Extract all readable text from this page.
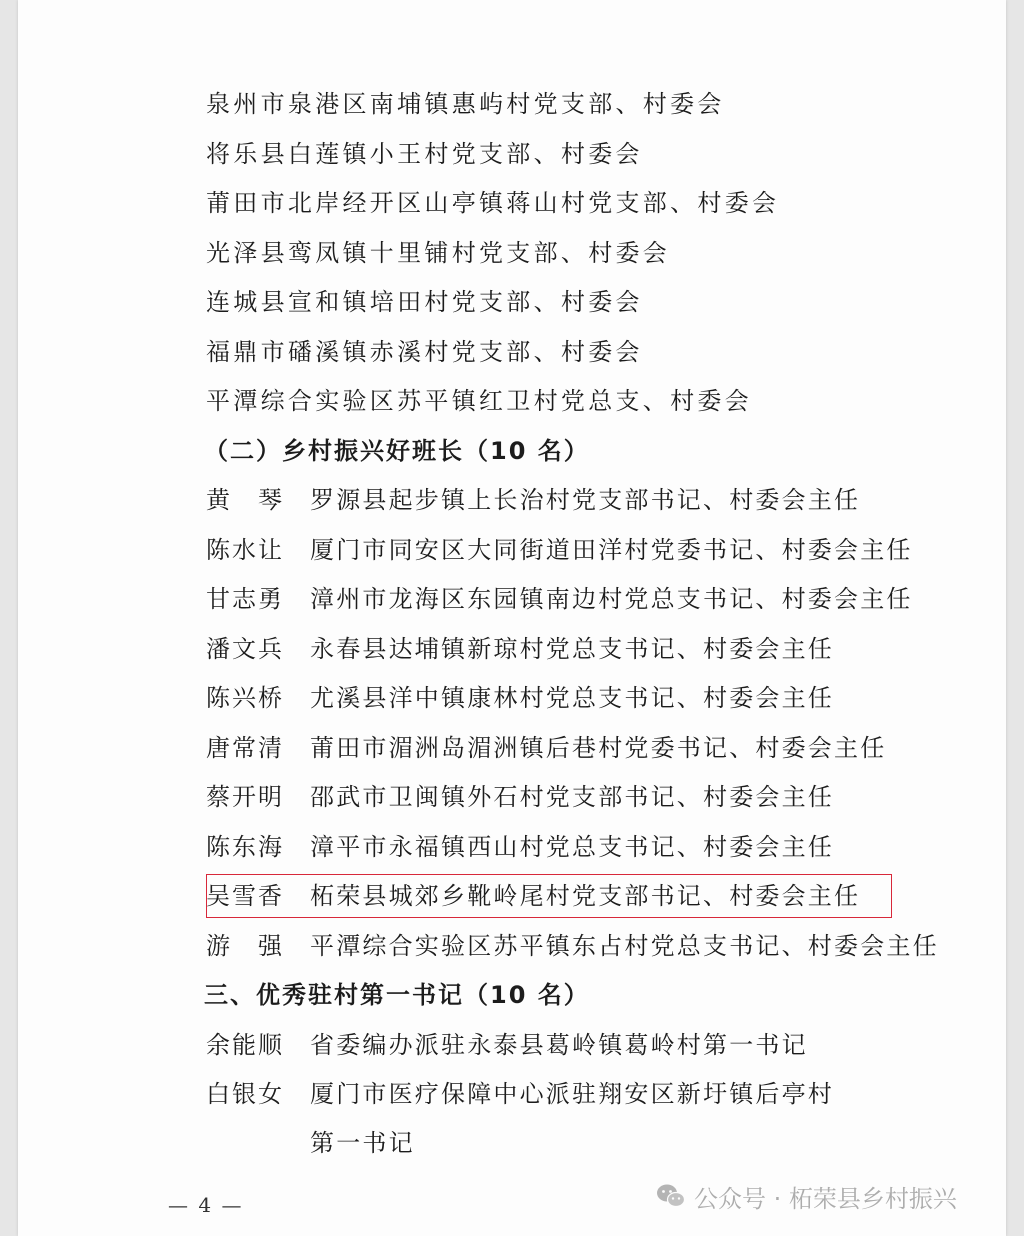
泉州市泉港区南埔镇惠屿村党支部、村委会
将乐县白莲镇小王村党支部、村委会
莆田市北岸经开区山亭镇蒋山村党支部、村委会
光泽县鸾凤镇十里铺村党支部、村委会
连城县宣和镇培田村党支部、村委会
福鼎市磻溪镇赤溪村党支部、村委会
平潭综合实验区苏平镇红卫村党总支、村委会
（二）乡村振兴好班长（10 名）
黄琴 罗源县起步镇上长治村党支部书记、村委会主任
陈水让 厦门市同安区大同街道田洋村党委书记、村委会主任
甘志勇 漳州市龙海区东园镇南边村党总支书记、村委会主任
潘文兵 永春县达埔镇新琼村党总支书记、村委会主任
陈兴桥 尤溪县洋中镇康林村党总支书记、村委会主任
唐常清 莆田市湄洲岛湄洲镇后巷村党委书记、村委会主任
蔡开明 邵武市卫闽镇外石村党支部书记、村委会主任
陈东海 漳平市永福镇西山村党总支书记、村委会主任
吴雪香 柘荣县城郊乡靴岭尾村党支部书记、村委会主任
游强 平潭综合实验区苏平镇东占村党总支书记、村委会主任
三、优秀驻村第一书记（10 名）
余能顺 省委编办派驻永泰县葛岭镇葛岭村第一书记
白银女 厦门市医疗保障中心派驻翔安区新圩镇后亭村
第一书记
— 4 —	公众号 · 柘荣县乡村振兴
